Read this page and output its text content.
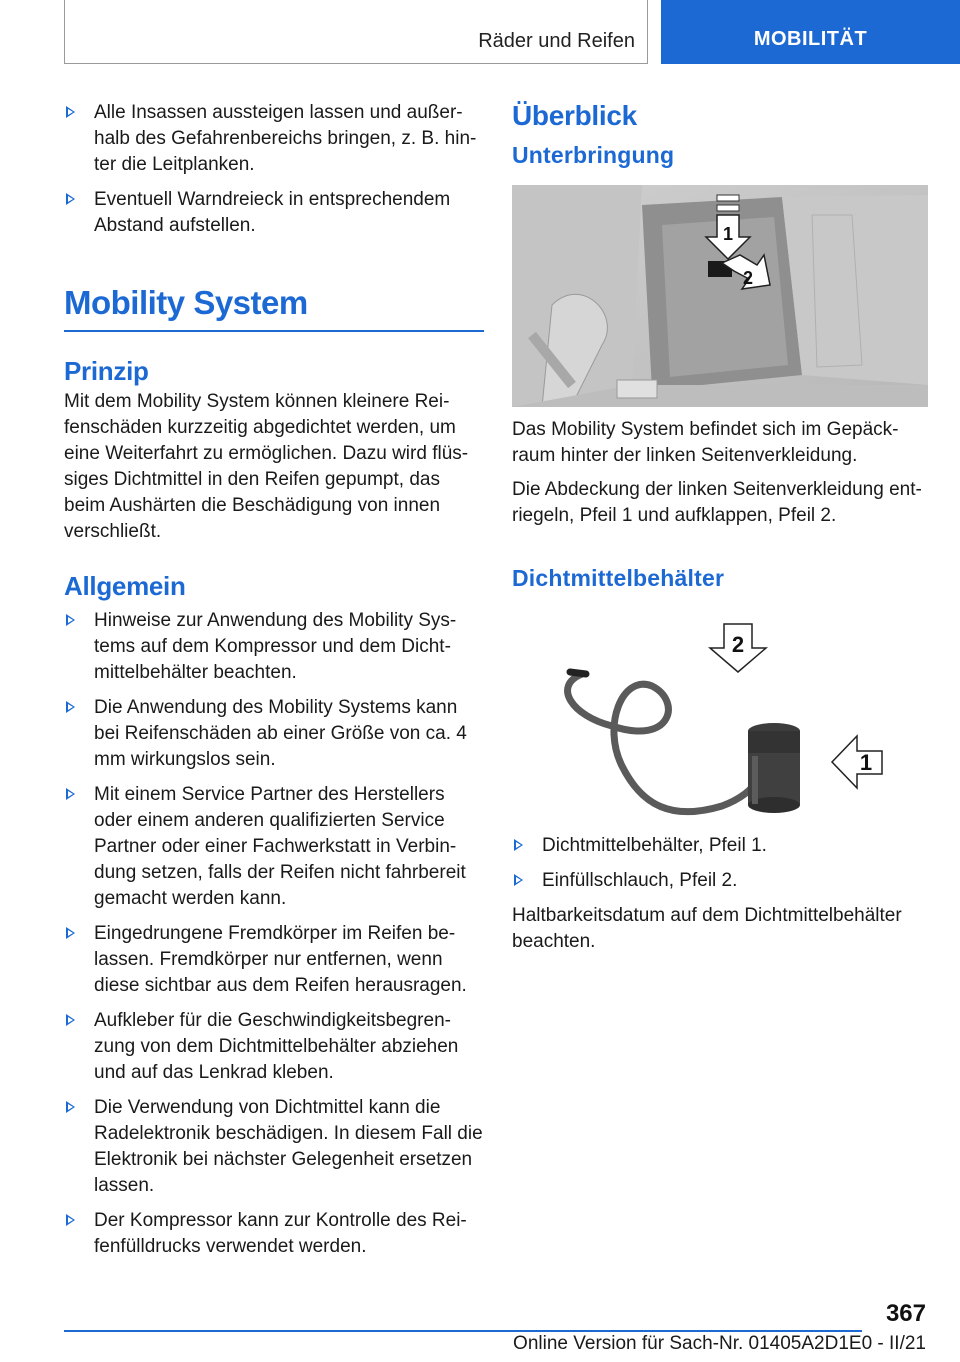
Räder und Reifen	MOBILITÄT
Alle Insassen aussteigen lassen und außer-halb des Gefahrenbereichs bringen, z. B. hin-ter die Leitplanken.
Eventuell Warndreieck in entsprechendem Abstand aufstellen.
Mobility System
Prinzip

Mit dem Mobility System können kleinere Rei-fenschäden kurzzeitig abgedichtet werden, um eine Weiterfahrt zu ermöglichen. Dazu wird flüs-siges Dichtmittel in den Reifen gepumpt, das beim Aushärten die Beschädigung von innen verschließt.

Allgemein
Hinweise zur Anwendung des Mobility Sys-tems auf dem Kompressor und dem Dicht-mittelbehälter beachten.
Die Anwendung des Mobility Systems kann bei Reifenschäden ab einer Größe von ca. 4 mm wirkungslos sein.
Mit einem Service Partner des Herstellers oder einem anderen qualifizierten Service Partner oder einer Fachwerkstatt in Verbin-dung setzen, falls der Reifen nicht fahrbereit gemacht werden kann.
Eingedrungene Fremdkörper im Reifen be-lassen. Fremdkörper nur entfernen, wenn diese sichtbar aus dem Reifen herausragen.
Aufkleber für die Geschwindigkeitsbegren-zung von dem Dichtmittelbehälter abziehen und auf das Lenkrad kleben.
Die Verwendung von Dichtmittel kann die Radelektronik beschädigen. In diesem Fall die Elektronik bei nächster Gelegenheit ersetzen lassen.
Der Kompressor kann zur Kontrolle des Rei-fenfülldrucks verwendet werden.
Überblick
Unterbringung
1
2

Das Mobility System befindet sich im Gepäck-raum hinter der linken Seitenverkleidung.

Die Abdeckung der linken Seitenverkleidung ent-riegeln, Pfeil 1 und aufklappen, Pfeil 2.

Dichtmittelbehälter
2
1
Dichtmittelbehälter, Pfeil 1.
Einfüllschlauch, Pfeil 2.

Haltbarkeitsdatum auf dem Dichtmittelbehälter beachten.

367
Online Version für Sach-Nr. 01405A2D1E0 - II/21
